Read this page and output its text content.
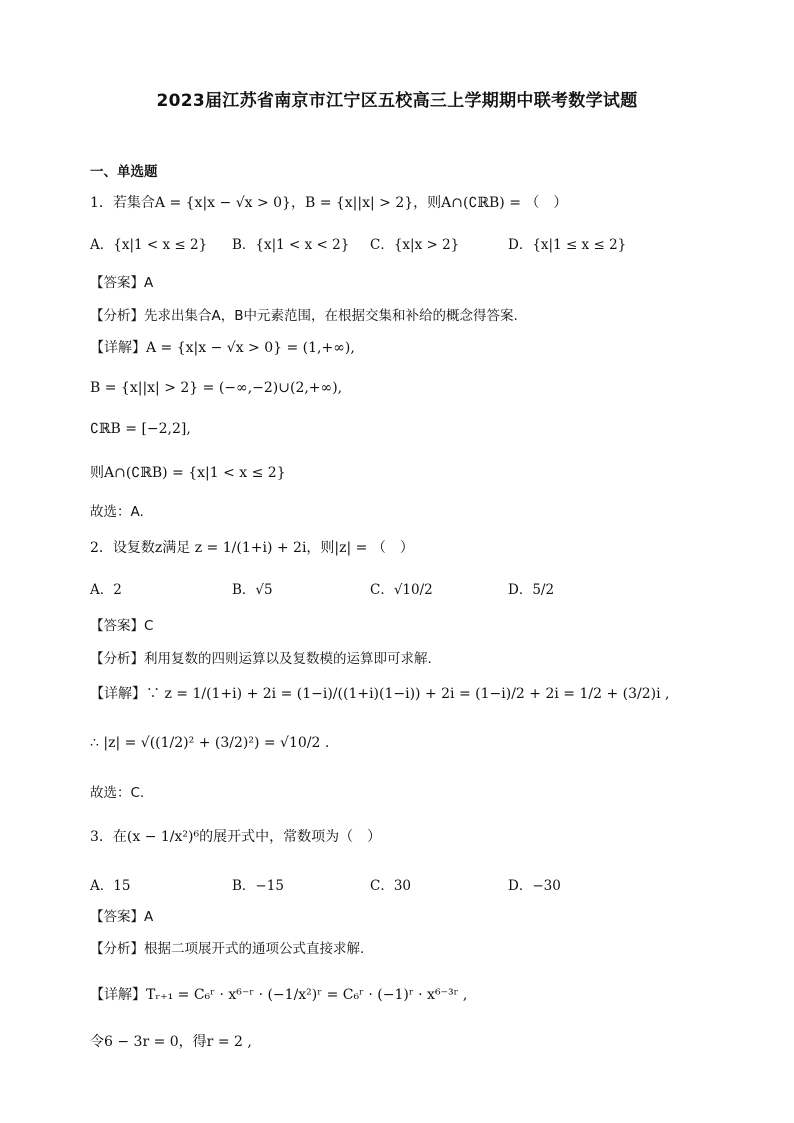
2023届江苏省南京市江宁区五校高三上学期期中联考数学试题
一、单选题
1．若集合A = {x|x − √x > 0}，B = {x||x| > 2}，则A∩(∁ℝB) = （　）
A．{x|1 < x ≤ 2} B．{x|1 < x < 2} C．{x|x > 2}	D．{x|1 ≤ x ≤ 2}
【答案】A
【分析】先求出集合A，B中元素范围，在根据交集和补给的概念得答案.
【详解】A = {x|x − √x > 0} = (1,+∞),
B = {x||x| > 2} = (−∞,−2)∪(2,+∞),
∁ℝB = [−2,2],
则A∩(∁ℝB) = {x|1 < x ≤ 2}
故选：A.
2．设复数z满足 z = 1/(1+i) + 2i，则|z| = （　）
A．2	B．√5	C．√10/2	D．5/2
【答案】C
【分析】利用复数的四则运算以及复数模的运算即可求解.
【详解】∵ z = 1/(1+i) + 2i = (1−i)/((1+i)(1−i)) + 2i = (1−i)/2 + 2i = 1/2 + (3/2)i ,
∴ |z| = √((1/2)² + (3/2)²) = √10/2 .
故选：C.
3．在(x − 1/x²)⁶的展开式中，常数项为（　）
A．15	B．−15	C．30	D．−30
【答案】A
【分析】根据二项展开式的通项公式直接求解.
【详解】Tᵣ₊₁ = C₆ʳ · x⁶⁻ʳ · (−1/x²)ʳ = C₆ʳ · (−1)ʳ · x⁶⁻³ʳ ,
令6 − 3r = 0，得r = 2 ,
